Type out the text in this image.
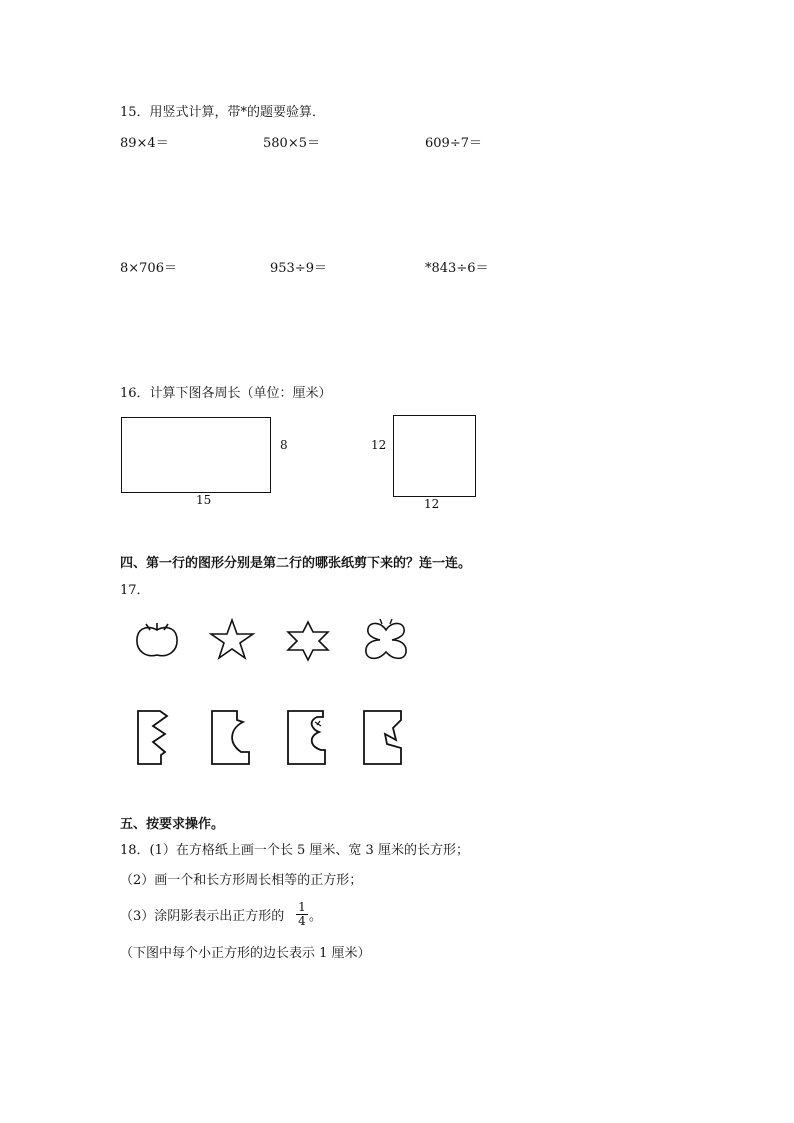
15．用竖式计算，带*的题要验算．
89×4＝	580×5＝	609÷7＝
8×706＝	953÷9＝	*843÷6＝
16．计算下图各周长（单位：厘米）
8
15
12
12
四、第一行的图形分别是第二行的哪张纸剪下来的？连一连。
17．
五、按要求操作。
18．(1）在方格纸上画一个长 5 厘米、宽 3 厘米的长方形；
（2）画一个和长方形周长相等的正方形；
（3）涂阴影表示出正方形的 $\frac{1}{4}$ 。
（下图中每个小正方形的边长表示 1 厘米）
